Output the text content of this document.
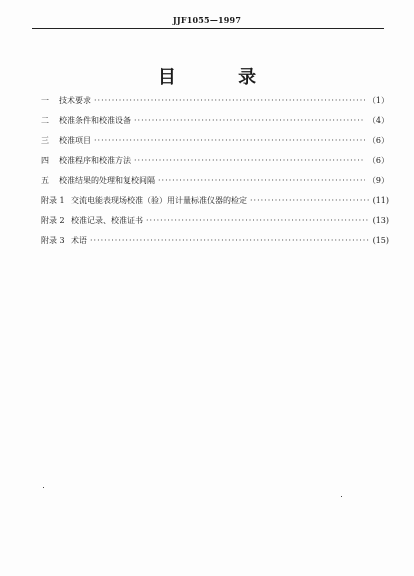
JJF1055—1997
目 录
一	技术要求 ·····	（1）
二	校准条件和校准设备 ·····	（4）
三	校准项目 ·····	（6）
四	校准程序和校准方法 ·····	（6）
五	校准结果的处理和复校间隔 ·····	（9）
附录 1 交流电能表现场校准（验）用计量标准仪器的检定 ·····	(11)
附录 2 校准记录、校准证书 ·····	(13)
附录 3 术语 ·····	(15)
